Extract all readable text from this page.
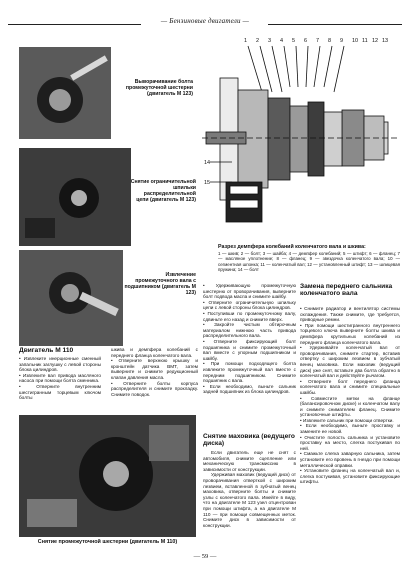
— Бензиновые двигатели —
Выворачивание болта промежуточной шестерни (двигатель М 123)
Снятие ограничительной шпильки распределительной цепи (двигатель М 123)
Извлечение промежуточного вала с подшипником (двигатель М 123)
Двигатель М 110

• Извлеките инерционные сменный запальник заглушку с левой стороны блока цилиндров.

• Извлеките вал привода масляного насоса при помощи болта сменника.

• Отверните внутренним шестигранным торцевым ключом болты

шкива и демпфера колебаний с переднего фланца коленчатого вала.

• Отверните верхнюю крышку и кронштейн датчика ВМТ, затем выверните и снимите редукционный клапан давления масла.

• Отверните болты корпуса распределителя и снимите прокладку. Снимите поводок.

Снятие промежуточной шестерни (двигатель М 110)
1 2 3 4 5 6 7 8 9 10 11 12 13
14
15
Разрез демпфера колебаний коленчатого вала и шкива:
1 — шкив; 2 — болт; 3 — шайба; 4 — демпфер колебаний; 5 — штифт; 6 — фланец; 7 — масляное уплотнение; 8 — фланец; 9 — звездочка коленчатого вала; 10 — сегментная шпонка; 11 — коленчатый вал; 12 — установленный штифт; 13 — шлицевая пружина; 14 — болт

• Удерживающую промежуточную шестерню от проворачивания, выверните болт подвода масла и снимите шайбу.

• Отверните ограничительную шпильку цепи с левой стороны блока цилиндров.

• Поступивши по промежуточному валу, сдвиньте его назад и снимите вверх.

• Закройте чистым обтирочным материалом нижнюю часть привода распределительного вала.

• Отверните фиксирующий болт подшипника и снимите промежуточный вал вместе с упорным подшипником и шайбу.

• При помощи подходящего болта извлеките промежуточный вал вместе с передним подшипником. Снимите подшипник с вала.

• Если необходимо, выньте сальник задней подшипник из блока цилиндров.

Снятие маховика (ведущего диска)

Если двигатель еще не снят с автомобиля, снимите сцепление или механическую трансмиссию в зависимости от конструкции.

Удерживая маховик (ведущий диск) от проворачивания отверткой с широким лезвием, вставленной в зубчатый венец маховика, отверните болты и снимите узлы с коленчатого вала. Имейте в виду, что на двигателе М 123 узел отцентрован при помощи штифта, а на двигателе М 110 — при помощи совмещенных меток. Снимите диск в зависимости от конструкции.

Замена переднего сальника коленчатого вала

• Снимите радиатор и вентилятор системы охлаждения. Также снимите, где требуется, приводные ремни.

• При помощи шестигранного внутреннего торцевого ключа выверните болты шкива и демпфера крутильных колебаний из переднего фланца коленчатого вала.

• Удерживайте коленчатый вал от проворачивания, снимите стартер, вставив отвертку с широким лезвием в зубчатый венец маховика. Если маховик (ведущий диск) уже снят, вставьте два болта обратно в коленчатый вал и действуйте рычагом.

• Отверните болт переднего фланца коленчатого вала и снимите специальные шайбы.

• Совместите метки на фланце (балансировочном диске) и коленчатом валу и снимите снимателем фланец. Снимите установочные штифты.

• Извлеките сальник при помощи отвертки.

• Если необходимо, выньте проставку и замените ее новой.

• Очистите полость сальника и установите проставку на место, слегка постукивая по ней.

• Смажьте слегка заварную сальника, затем установите его вровень в гнездо при помощи металлической оправки.

• Установите фланец на коленчатый вал и, слегка постукивая, установите фиксирующие штифты.

— 59 —
